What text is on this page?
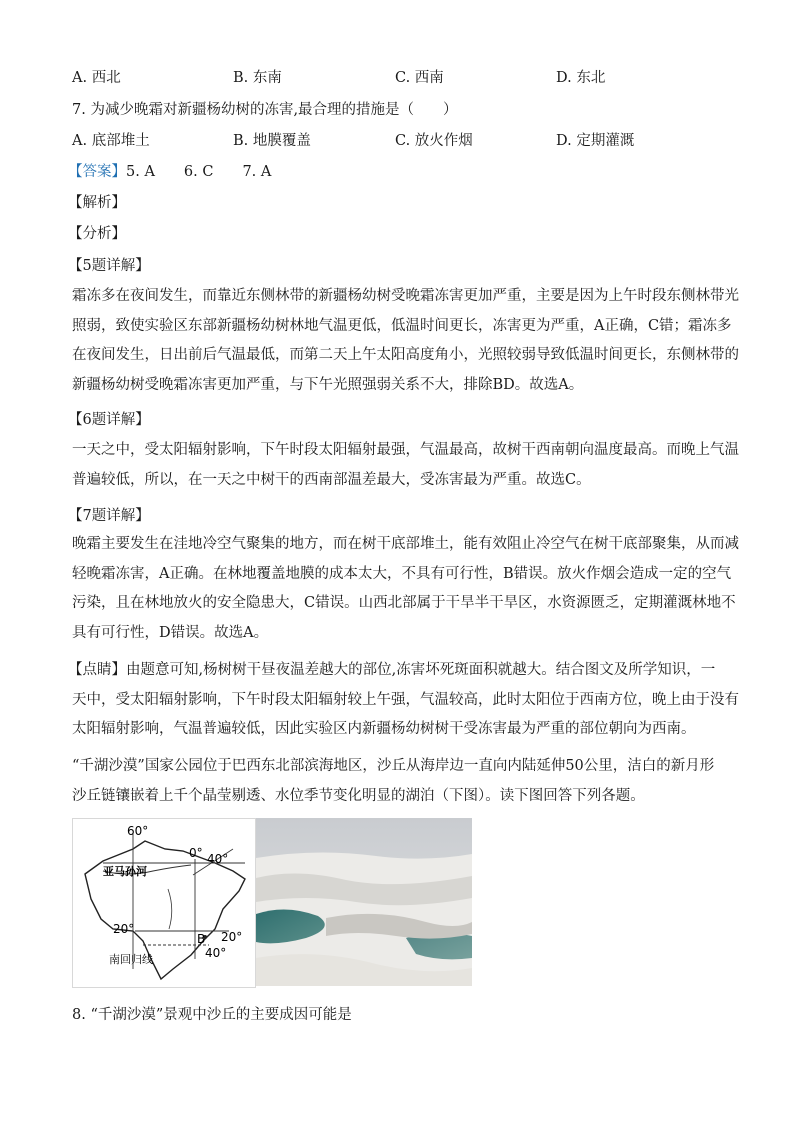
A. 西北	B. 东南	C. 西南	D. 东北
7. 为减少晚霜对新疆杨幼树的冻害,最合理的措施是（　　）
A. 底部堆土	B. 地膜覆盖	C. 放火作烟	D. 定期灌溉
【答案】5. A　　6. C　　7. A
【解析】
【分析】
【5题详解】
霜冻多在夜间发生，而靠近东侧林带的新疆杨幼树受晚霜冻害更加严重，主要是因为上午时段东侧林带光
照弱，致使实验区东部新疆杨幼树林地气温更低，低温时间更长，冻害更为严重，A正确，C错；霜冻多
在夜间发生，日出前后气温最低，而第二天上午太阳高度角小，光照较弱导致低温时间更长，东侧林带的
新疆杨幼树受晚霜冻害更加严重，与下午光照强弱关系不大，排除BD。故选A。
【6题详解】
一天之中，受太阳辐射影响，下午时段太阳辐射最强，气温最高，故树干西南朝向温度最高。而晚上气温
普遍较低，所以，在一天之中树干的西南部温差最大，受冻害最为严重。故选C。
【7题详解】
晚霜主要发生在洼地冷空气聚集的地方，而在树干底部堆土，能有效阻止冷空气在树干底部聚集，从而减
轻晚霜冻害，A正确。在林地覆盖地膜的成本太大，不具有可行性，B错误。放火作烟会造成一定的空气
污染，且在林地放火的安全隐患大，C错误。山西北部属于干旱半干旱区，水资源匮乏，定期灌溉林地不
具有可行性，D错误。故选A。
【点睛】由题意可知,杨树树干昼夜温差越大的部位,冻害坏死斑面积就越大。结合图文及所学知识，一
天中，受太阳辐射影响，下午时段太阳辐射较上午强，气温较高，此时太阳位于西南方位，晚上由于没有
太阳辐射影响，气温普遍较低，因此实验区内新疆杨幼树树干受冻害最为严重的部位朝向为西南。
“千湖沙漠”国家公园位于巴西东北部滨海地区，沙丘从海岸边一直向内陆延伸50公里，洁白的新月形
沙丘链镶嵌着上千个晶莹剔透、水位季节变化明显的湖泊（下图）。读下图回答下列各题。
60°
0° 40°
亚马孙河
20°
B 20°
40°
南回归线
8. “千湖沙漠”景观中沙丘的主要成因可能是
